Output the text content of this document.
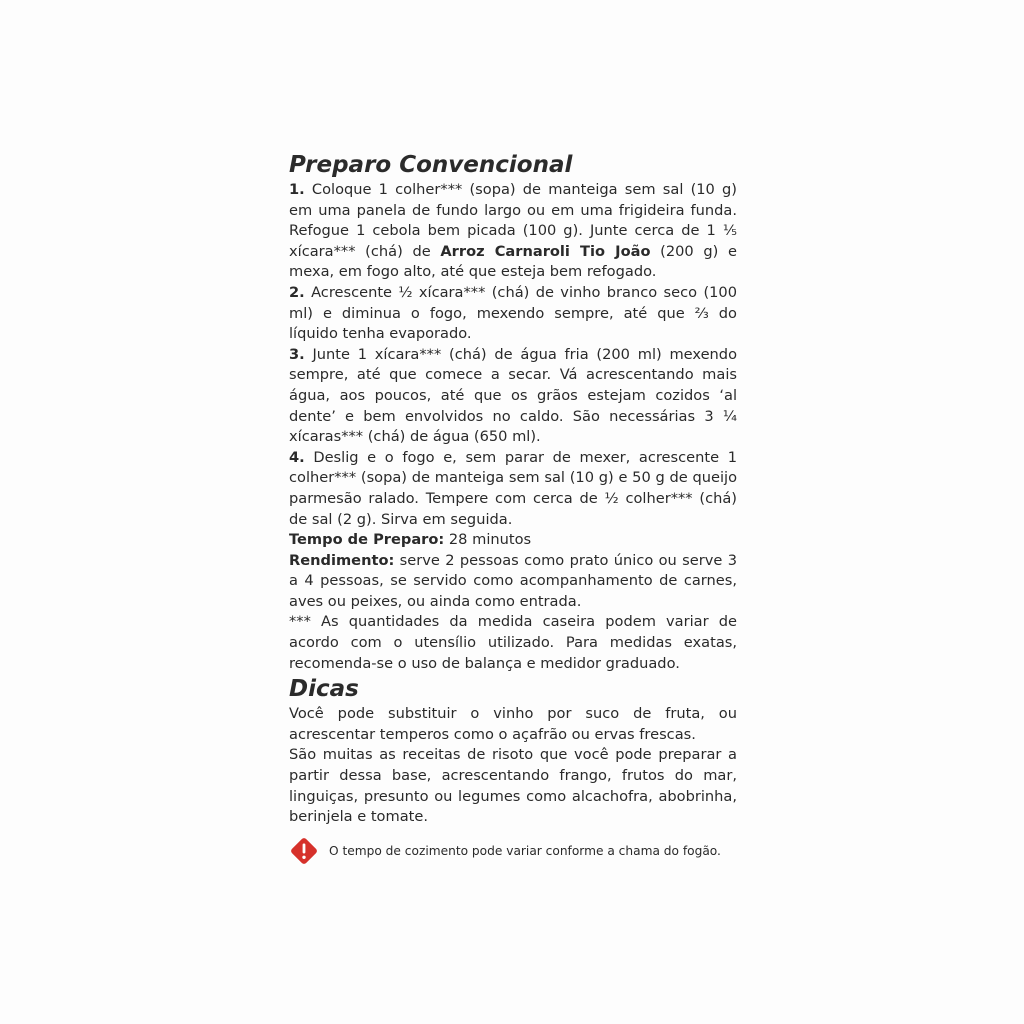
Preparo Convencional

1. Coloque 1 colher*** (sopa) de manteiga sem sal (10 g) em uma panela de fundo largo ou em uma frigideira funda. Refogue 1 cebola bem picada (100 g). Junte cerca de 1 ⅕ xícara*** (chá) de Arroz Carnaroli Tio João (200 g) e mexa, em fogo alto, até que esteja bem refogado.

2. Acrescente ½ xícara*** (chá) de vinho branco seco (100 ml) e diminua o fogo, mexendo sempre, até que ⅔ do líquido tenha evaporado.

3. Junte 1 xícara*** (chá) de água fria (200 ml) mexendo sempre, até que comece a secar. Vá acrescentando mais água, aos poucos, até que os grãos estejam cozidos ‘al dente’ e bem envolvidos no caldo. São necessárias 3 ¼ xícaras*** (chá) de água (650 ml).

4. Deslig e o fogo e, sem parar de mexer, acrescente 1 colher*** (sopa) de manteiga sem sal (10 g) e 50 g de queijo parmesão ralado. Tempere com cerca de ½ colher*** (chá) de sal (2 g). Sirva em seguida.

Tempo de Preparo: 28 minutos

Rendimento: serve 2 pessoas como prato único ou serve 3 a 4 pessoas, se servido como acompanhamento de carnes, aves ou peixes, ou ainda como entrada.

*** As quantidades da medida caseira podem variar de acordo com o utensílio utilizado. Para medidas exatas, recomenda-se o uso de balança e medidor graduado.

Dicas

Você pode substituir o vinho por suco de fruta, ou acrescentar temperos como o açafrão ou ervas frescas.

São muitas as receitas de risoto que você pode preparar a partir dessa base, acrescentando frango, frutos do mar, linguiças, presunto ou legumes como alcachofra, abobrinha, berinjela e tomate.

O tempo de cozimento pode variar conforme a chama do fogão.
